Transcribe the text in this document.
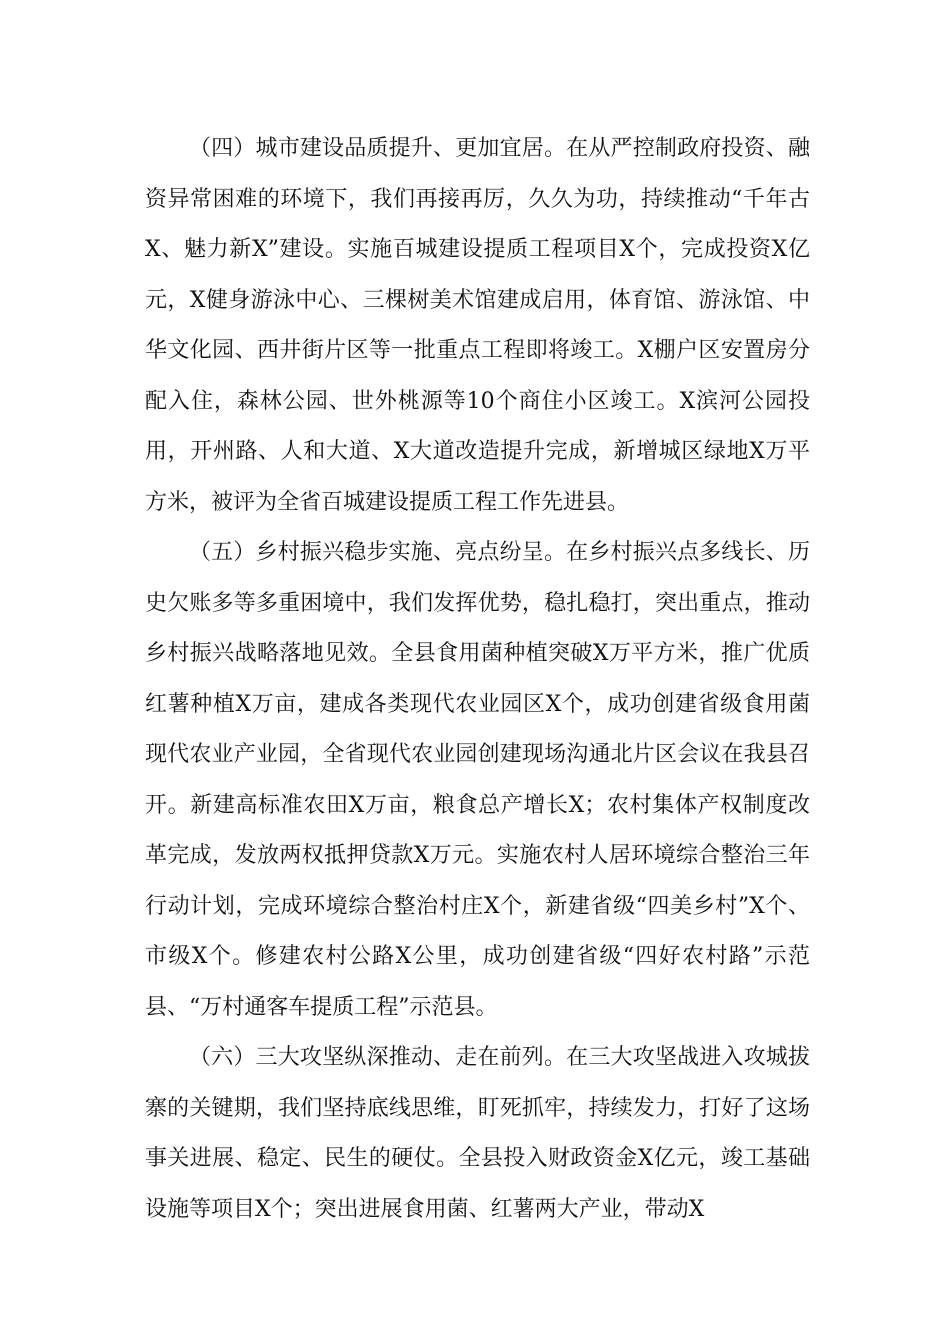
（四）城市建设品质提升、更加宜居。在从严控制政府投资、融资异常困难的环境下，我们再接再厉，久久为功，持续推动“千年古X、魅力新X”建设。实施百城建设提质工程项目X个，完成投资X亿元，X健身游泳中心、三棵树美术馆建成启用，体育馆、游泳馆、中华文化园、西井街片区等一批重点工程即将竣工。X棚户区安置房分配入住，森林公园、世外桃源等10个商住小区竣工。X滨河公园投用，开州路、人和大道、X大道改造提升完成，新增城区绿地X万平方米，被评为全省百城建设提质工程工作先进县。

（五）乡村振兴稳步实施、亮点纷呈。在乡村振兴点多线长、历史欠账多等多重困境中，我们发挥优势，稳扎稳打，突出重点，推动乡村振兴战略落地见效。全县食用菌种植突破X万平方米，推广优质红薯种植X万亩，建成各类现代农业园区X个，成功创建省级食用菌现代农业产业园，全省现代农业园创建现场沟通北片区会议在我县召开。新建高标准农田X万亩，粮食总产增长X；农村集体产权制度改革完成，发放两权抵押贷款X万元。实施农村人居环境综合整治三年行动计划，完成环境综合整治村庄X个，新建省级“四美乡村”X个、市级X个。修建农村公路X公里，成功创建省级“四好农村路”示范县、“万村通客车提质工程”示范县。

（六）三大攻坚纵深推动、走在前列。在三大攻坚战进入攻城拔寨的关键期，我们坚持底线思维，盯死抓牢，持续发力，打好了这场事关进展、稳定、民生的硬仗。全县投入财政资金X亿元，竣工基础设施等项目X个；突出进展食用菌、红薯两大产业，带动X
